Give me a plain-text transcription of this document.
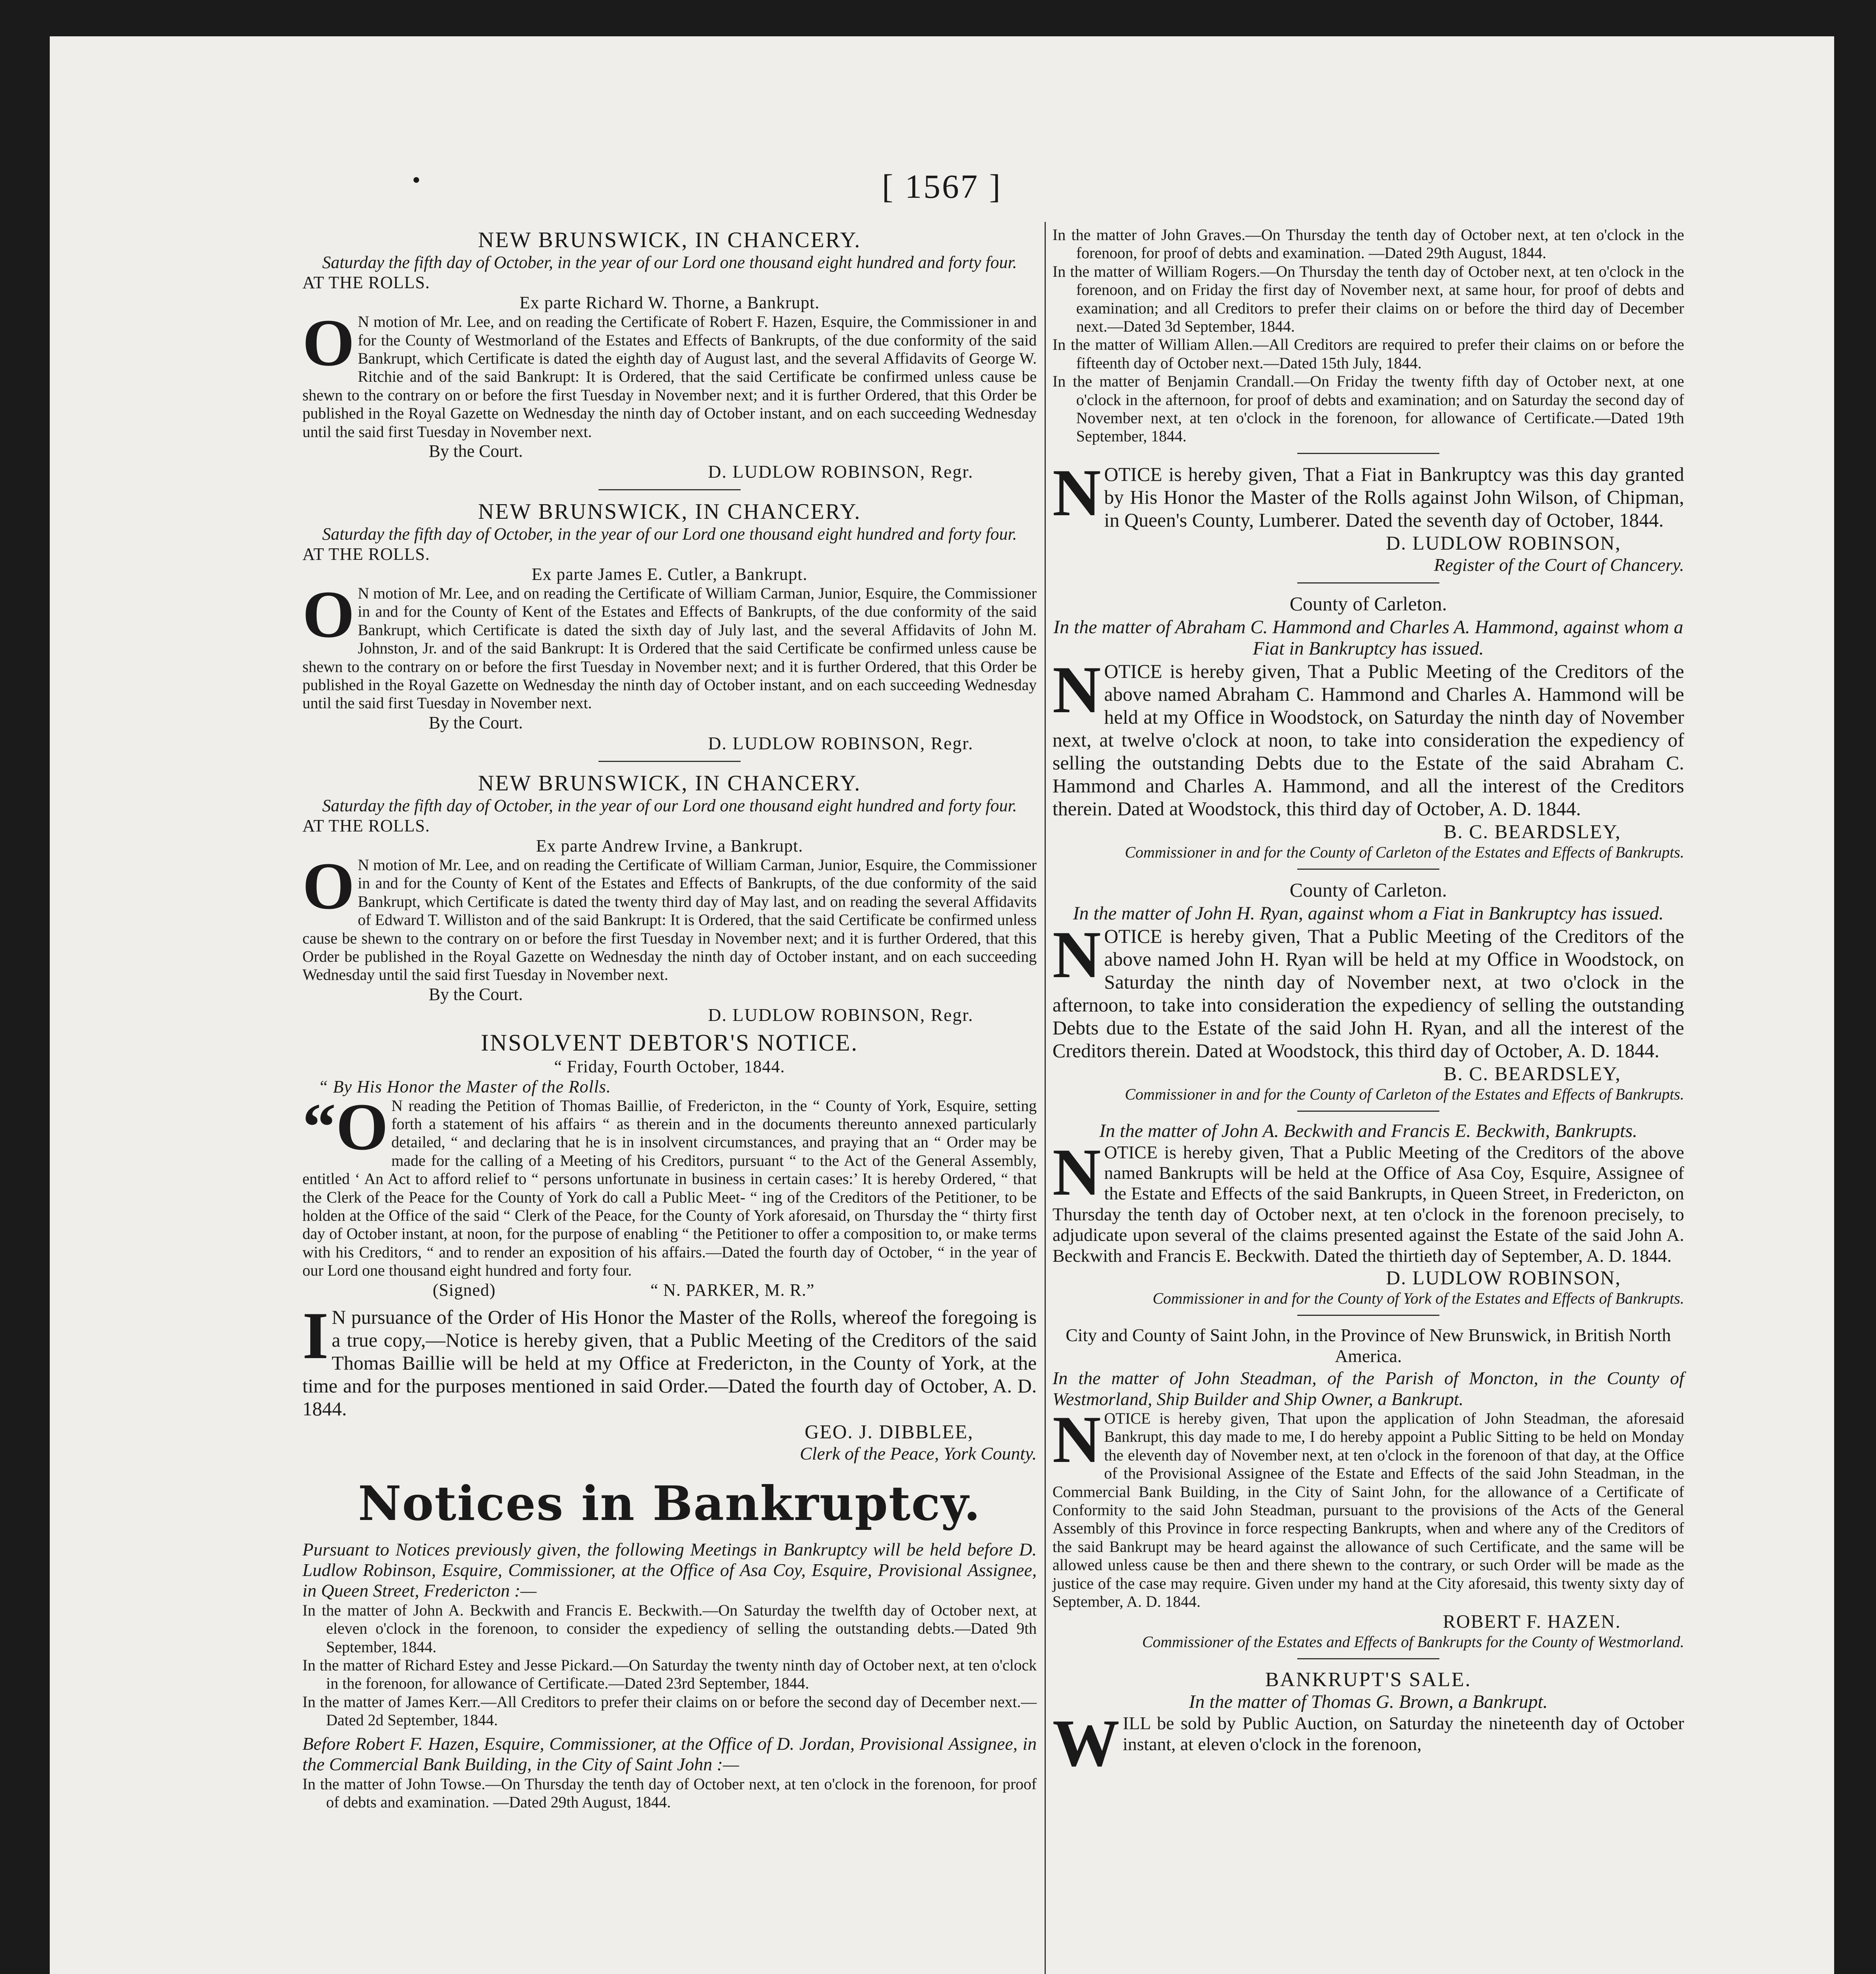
•	[ 1567 ]
NEW BRUNSWICK, IN CHANCERY.
Saturday the fifth day of October, in the year of our Lord one thousand eight hundred and forty four.
AT THE ROLLS.
Ex parte Richard W. Thorne, a Bankrupt.
O N motion of Mr. Lee, and on reading the Certificate of Robert F. Hazen, Esquire, the Commissioner in and for the County of Westmorland of the Estates and Effects of Bankrupts, of the due conformity of the said Bankrupt, which Certificate is dated the eighth day of August last, and the several Affidavits of George W. Ritchie and of the said Bankrupt: It is Ordered, that the said Certificate be confirmed unless cause be shewn to the contrary on or before the first Tuesday in November next; and it is further Ordered, that this Order be published in the Royal Gazette on Wednesday the ninth day of October instant, and on each succeeding Wednesday until the said first Tuesday in November next.
By the Court.
D. LUDLOW ROBINSON, Regr.
NEW BRUNSWICK, IN CHANCERY.
Saturday the fifth day of October, in the year of our Lord one thousand eight hundred and forty four.
AT THE ROLLS.
Ex parte James E. Cutler, a Bankrupt.
O N motion of Mr. Lee, and on reading the Certificate of William Carman, Junior, Esquire, the Commissioner in and for the County of Kent of the Estates and Effects of Bankrupts, of the due conformity of the said Bankrupt, which Certificate is dated the sixth day of July last, and the several Affidavits of John M. Johnston, Jr. and of the said Bankrupt: It is Ordered that the said Certificate be confirmed unless cause be shewn to the contrary on or before the first Tuesday in November next; and it is further Ordered, that this Order be published in the Royal Gazette on Wednesday the ninth day of October instant, and on each succeeding Wednesday until the said first Tuesday in November next.
By the Court.
D. LUDLOW ROBINSON, Regr.
NEW BRUNSWICK, IN CHANCERY.
Saturday the fifth day of October, in the year of our Lord one thousand eight hundred and forty four.
AT THE ROLLS.
Ex parte Andrew Irvine, a Bankrupt.
O N motion of Mr. Lee, and on reading the Certificate of William Carman, Junior, Esquire, the Commissioner in and for the County of Kent of the Estates and Effects of Bankrupts, of the due conformity of the said Bankrupt, which Certificate is dated the twenty third day of May last, and on reading the several Affidavits of Edward T. Williston and of the said Bankrupt: It is Ordered, that the said Certificate be confirmed unless cause be shewn to the contrary on or before the first Tuesday in November next; and it is further Ordered, that this Order be published in the Royal Gazette on Wednesday the ninth day of October instant, and on each succeeding Wednesday until the said first Tuesday in November next.
By the Court.
D. LUDLOW ROBINSON, Regr.
INSOLVENT DEBTOR'S NOTICE.
“ Friday, Fourth October, 1844.
“ By His Honor the Master of the Rolls.
“O N reading the Petition of Thomas Baillie, of Fredericton, in the “ County of York, Esquire, setting forth a statement of his affairs “ as therein and in the documents thereunto annexed particularly detailed, “ and declaring that he is in insolvent circumstances, and praying that an “ Order may be made for the calling of a Meeting of his Creditors, pursuant “ to the Act of the General Assembly, entitled ‘ An Act to afford relief to “ persons unfortunate in business in certain cases:’ It is hereby Ordered, “ that the Clerk of the Peace for the County of York do call a Public Meet- “ ing of the Creditors of the Petitioner, to be holden at the Office of the said “ Clerk of the Peace, for the County of York aforesaid, on Thursday the “ thirty first day of October instant, at noon, for the purpose of enabling “ the Petitioner to offer a composition to, or make terms with his Creditors, “ and to render an exposition of his affairs.—Dated the fourth day of October, “ in the year of our Lord one thousand eight hundred and forty four.
(Signed)	“ N. PARKER, M. R.”
I N pursuance of the Order of His Honor the Master of the Rolls, whereof the foregoing is a true copy,—Notice is hereby given, that a Public Meeting of the Creditors of the said Thomas Baillie will be held at my Office at Fredericton, in the County of York, at the time and for the purposes mentioned in said Order.—Dated the fourth day of October, A. D. 1844.
GEO. J. DIBBLEE,
Clerk of the Peace, York County.
Notices in Bankruptcy.
Pursuant to Notices previously given, the following Meetings in Bankruptcy will be held before D. Ludlow Robinson, Esquire, Commissioner, at the Office of Asa Coy, Esquire, Provisional Assignee, in Queen Street, Fredericton :—
In the matter of John A. Beckwith and Francis E. Beckwith.—On Saturday the twelfth day of October next, at eleven o'clock in the forenoon, to consider the expediency of selling the outstanding debts.—Dated 9th September, 1844.
In the matter of Richard Estey and Jesse Pickard.—On Saturday the twenty ninth day of October next, at ten o'clock in the forenoon, for allowance of Certificate.—Dated 23rd September, 1844.
In the matter of James Kerr.—All Creditors to prefer their claims on or before the second day of December next.—Dated 2d September, 1844.
Before Robert F. Hazen, Esquire, Commissioner, at the Office of D. Jordan, Provisional Assignee, in the Commercial Bank Building, in the City of Saint John :—
In the matter of John Towse.—On Thursday the tenth day of October next, at ten o'clock in the forenoon, for proof of debts and examination. —Dated 29th August, 1844.
In the matter of John Graves.—On Thursday the tenth day of October next, at ten o'clock in the forenoon, for proof of debts and examination. —Dated 29th August, 1844.
In the matter of William Rogers.—On Thursday the tenth day of October next, at ten o'clock in the forenoon, and on Friday the first day of November next, at same hour, for proof of debts and examination; and all Creditors to prefer their claims on or before the third day of December next.—Dated 3d September, 1844.
In the matter of William Allen.—All Creditors are required to prefer their claims on or before the fifteenth day of October next.—Dated 15th July, 1844.
In the matter of Benjamin Crandall.—On Friday the twenty fifth day of October next, at one o'clock in the afternoon, for proof of debts and examination; and on Saturday the second day of November next, at ten o'clock in the forenoon, for allowance of Certificate.—Dated 19th September, 1844.
N OTICE is hereby given, That a Fiat in Bankruptcy was this day granted by His Honor the Master of the Rolls against John Wilson, of Chipman, in Queen's County, Lumberer. Dated the seventh day of October, 1844.
D. LUDLOW ROBINSON,
Register of the Court of Chancery.
County of Carleton.
In the matter of Abraham C. Hammond and Charles A. Hammond, against whom a Fiat in Bankruptcy has issued.
N OTICE is hereby given, That a Public Meeting of the Creditors of the above named Abraham C. Hammond and Charles A. Hammond will be held at my Office in Woodstock, on Saturday the ninth day of November next, at twelve o'clock at noon, to take into consideration the expediency of selling the outstanding Debts due to the Estate of the said Abraham C. Hammond and Charles A. Hammond, and all the interest of the Creditors therein. Dated at Woodstock, this third day of October, A. D. 1844.
B. C. BEARDSLEY,
Commissioner in and for the County of Carleton of the Estates and Effects of Bankrupts.
County of Carleton.
In the matter of John H. Ryan, against whom a Fiat in Bankruptcy has issued.
N OTICE is hereby given, That a Public Meeting of the Creditors of the above named John H. Ryan will be held at my Office in Woodstock, on Saturday the ninth day of November next, at two o'clock in the afternoon, to take into consideration the expediency of selling the outstanding Debts due to the Estate of the said John H. Ryan, and all the interest of the Creditors therein. Dated at Woodstock, this third day of October, A. D. 1844.
B. C. BEARDSLEY,
Commissioner in and for the County of Carleton of the Estates and Effects of Bankrupts.
In the matter of John A. Beckwith and Francis E. Beckwith, Bankrupts.
N OTICE is hereby given, That a Public Meeting of the Creditors of the above named Bankrupts will be held at the Office of Asa Coy, Esquire, Assignee of the Estate and Effects of the said Bankrupts, in Queen Street, in Fredericton, on Thursday the tenth day of October next, at ten o'clock in the forenoon precisely, to adjudicate upon several of the claims presented against the Estate of the said John A. Beckwith and Francis E. Beckwith. Dated the thirtieth day of September, A. D. 1844.
D. LUDLOW ROBINSON,
Commissioner in and for the County of York of the Estates and Effects of Bankrupts.
City and County of Saint John, in the Province of New Brunswick, in British North America.
In the matter of John Steadman, of the Parish of Moncton, in the County of Westmorland, Ship Builder and Ship Owner, a Bankrupt.
N OTICE is hereby given, That upon the application of John Steadman, the aforesaid Bankrupt, this day made to me, I do hereby appoint a Public Sitting to be held on Monday the eleventh day of November next, at ten o'clock in the forenoon of that day, at the Office of the Provisional Assignee of the Estate and Effects of the said John Steadman, in the Commercial Bank Building, in the City of Saint John, for the allowance of a Certificate of Conformity to the said John Steadman, pursuant to the provisions of the Acts of the General Assembly of this Province in force respecting Bankrupts, when and where any of the Creditors of the said Bankrupt may be heard against the allowance of such Certificate, and the same will be allowed unless cause be then and there shewn to the contrary, or such Order will be made as the justice of the case may require. Given under my hand at the City aforesaid, this twenty sixty day of September, A. D. 1844.
ROBERT F. HAZEN.
Commissioner of the Estates and Effects of Bankrupts for the County of Westmorland.
BANKRUPT'S SALE.
In the matter of Thomas G. Brown, a Bankrupt.
W ILL be sold by Public Auction, on Saturday the nineteenth day of October instant, at eleven o'clock in the forenoon,
